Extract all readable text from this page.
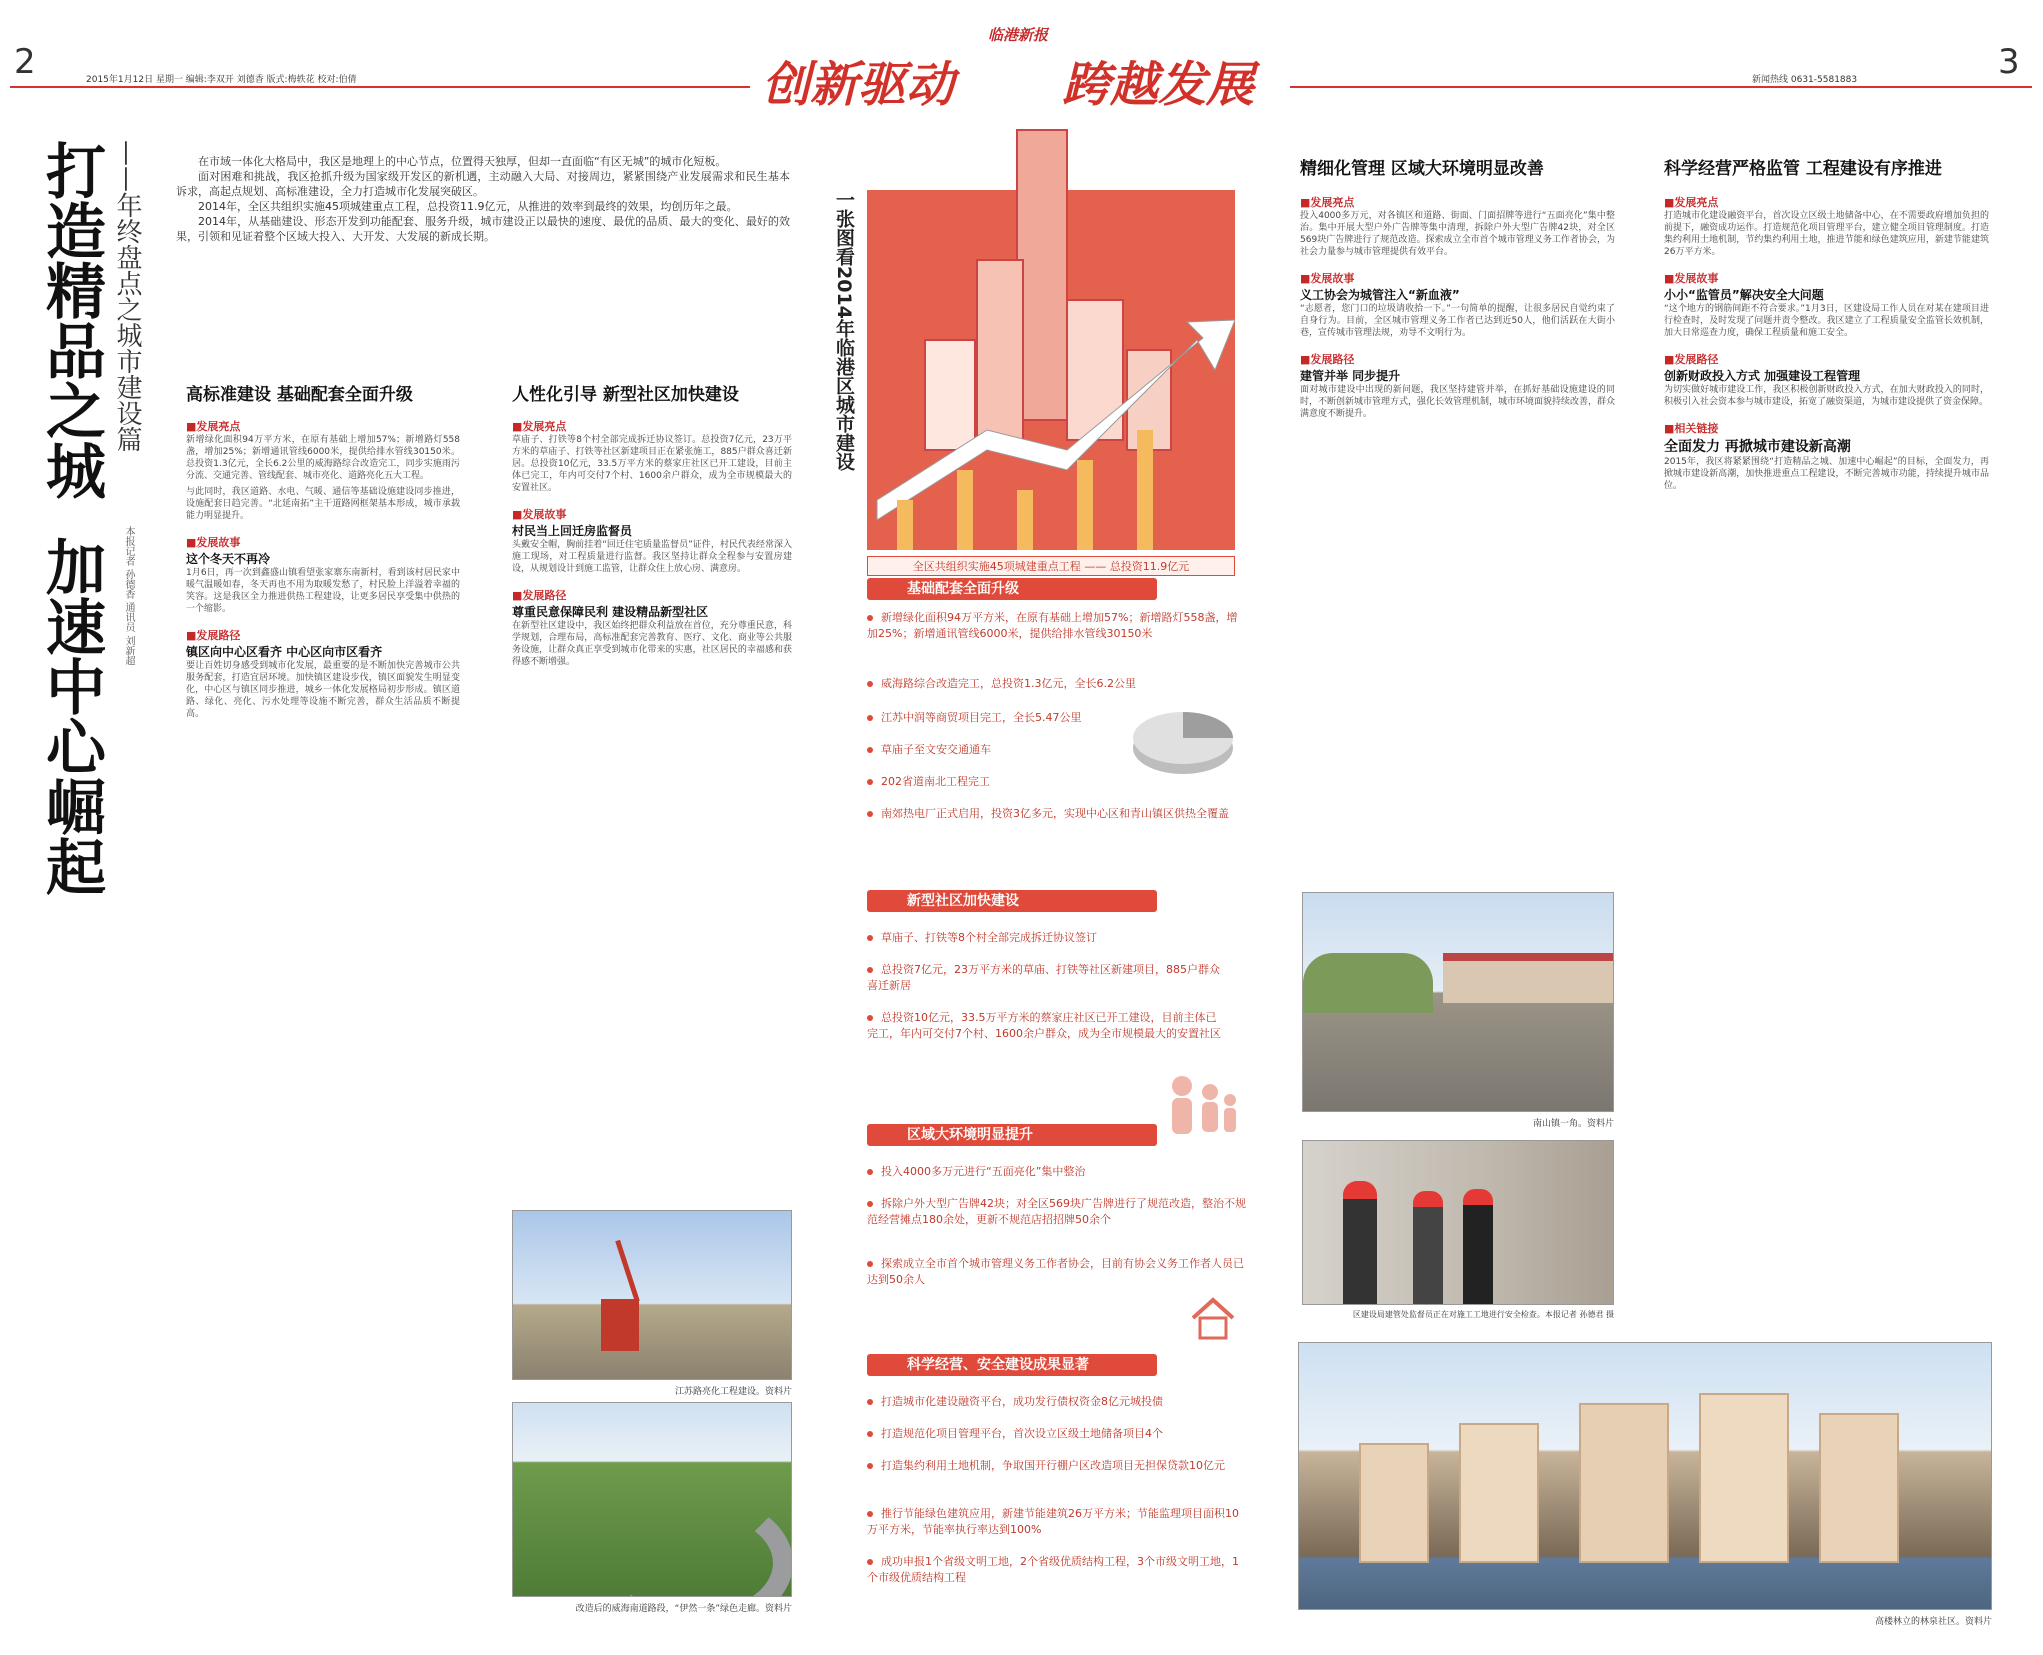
2	2015年1月12日 星期一 编辑:李双开 刘德香 版式:梅轶花 校对:伯倩
临港新报
创新驱动 跨越发展	新闻热线 0631-5581883	3
打造精品之城
加速中心崛起
——年终盘点之城市建设篇
本报记者 孙德香 通讯员 刘新超

在市域一体化大格局中，我区是地理上的中心节点，位置得天独厚，但却一直面临“有区无城”的城市化短板。

面对困难和挑战，我区抢抓升级为国家级开发区的新机遇，主动融入大局、对接周边，紧紧围绕产业发展需求和民生基本诉求，高起点规划、高标准建设，全力打造城市化发展突破区。

2014年，全区共组织实施45项城建重点工程，总投资11.9亿元，从推进的效率到最终的效果，均创历年之最。

2014年，从基础建设、形态开发到功能配套、服务升级，城市建设正以最快的速度、最优的品质、最大的变化、最好的效果，引领和见证着整个区域大投入、大开发、大发展的新成长期。

高标准建设 基础配套全面升级
■发展亮点

新增绿化面积94万平方米，在原有基础上增加57%；新增路灯558盏，增加25%；新增通讯管线6000米，提供给排水管线30150米。总投资1.3亿元，全长6.2公里的威海路综合改造完工，同步实施雨污分流、交通完善、管线配套、城市亮化、道路亮化五大工程。

与此同时，我区道路、水电、气暖、通信等基础设施建设同步推进，设施配套日趋完善。“北延南拓”主干道路网框架基本形成，城市承载能力明显提升。

■发展故事
这个冬天不再冷

1月6日，再一次到鑫盛山镇看望张家寨东南新村，看到该村居民家中暖气温暖如春，冬天再也不用为取暖发愁了，村民脸上洋溢着幸福的笑容。这是我区全力推进供热工程建设，让更多居民享受集中供热的一个缩影。

■发展路径
镇区向中心区看齐 中心区向市区看齐

要让百姓切身感受到城市化发展，最重要的是不断加快完善城市公共服务配套，打造宜居环境。加快镇区建设步伐，镇区面貌发生明显变化，中心区与镇区同步推进，城乡一体化发展格局初步形成。镇区道路、绿化、亮化、污水处理等设施不断完善，群众生活品质不断提高。

人性化引导 新型社区加快建设
■发展亮点

草庙子、打铁等8个村全部完成拆迁协议签订。总投资7亿元，23万平方米的草庙子、打铁等社区新建项目正在紧张施工，885户群众喜迁新居。总投资10亿元，33.5万平方米的蔡家庄社区已开工建设，目前主体已完工，年内可交付7个村、1600余户群众，成为全市规模最大的安置社区。

■发展故事
村民当上回迁房监督员

头戴安全帽，胸前挂着“回迁住宅质量监督员”证件，村民代表经常深入施工现场，对工程质量进行监督。我区坚持让群众全程参与安置房建设，从规划设计到施工监管，让群众住上放心房、满意房。

■发展路径
尊重民意保障民利 建设精品新型社区

在新型社区建设中，我区始终把群众利益放在首位，充分尊重民意，科学规划，合理布局，高标准配套完善教育、医疗、文化、商业等公共服务设施，让群众真正享受到城市化带来的实惠，社区居民的幸福感和获得感不断增强。

江苏路亮化工程建设。资料片
改造后的威海南道路段，“伊然一条”绿色走廊。资料片
一张图看2014年临港区城市建设
全区共组织实施45项城建重点工程 —— 总投资11.9亿元
基础配套全面升级
新增绿化面积94万平方米，在原有基础上增加57%；新增路灯558盏，增加25%；新增通讯管线6000米，提供给排水管线30150米
威海路综合改造完工，总投资1.3亿元，全长6.2公里
江苏中润等商贸项目完工，全长5.47公里
草庙子至文安交通通车
202省道南北工程完工
南郊热电厂正式启用，投资3亿多元，实现中心区和青山镇区供热全覆盖
新型社区加快建设
草庙子、打铁等8个村全部完成拆迁协议签订
总投资7亿元，23万平方米的草庙、打铁等社区新建项目，885户群众喜迁新居
总投资10亿元，33.5万平方米的蔡家庄社区已开工建设，目前主体已完工，年内可交付7个村、1600余户群众，成为全市规模最大的安置社区
区域大环境明显提升
投入4000多万元进行“五面亮化”集中整治
拆除户外大型广告牌42块；对全区569块广告牌进行了规范改造，整治不规范经营摊点180余处，更新不规范店招招牌50余个
探索成立全市首个城市管理义务工作者协会，目前有协会义务工作者人员已达到50余人
科学经营、安全建设成果显著
打造城市化建设融资平台，成功发行债权资金8亿元城投债
打造规范化项目管理平台，首次设立区级土地储备项目4个
打造集约利用土地机制，争取国开行棚户区改造项目无担保贷款10亿元
推行节能绿色建筑应用，新建节能建筑26万平方米；节能监理项目面积10万平方米，节能率执行率达到100%
成功申报1个省级文明工地，2个省级优质结构工程，3个市级文明工地，1个市级优质结构工程
精细化管理 区域大环境明显改善
■发展亮点

投入4000多万元，对各镇区和道路、街面、门面招牌等进行“五面亮化”集中整治。集中开展大型户外广告牌等集中清理，拆除户外大型广告牌42块，对全区569块广告牌进行了规范改造。探索成立全市首个城市管理义务工作者协会，为社会力量参与城市管理提供有效平台。

■发展故事
义工协会为城管注入“新血液”

“志愿者，您门口的垃圾请收拾一下。”一句简单的提醒，让很多居民自觉约束了自身行为。目前，全区城市管理义务工作者已达到近50人，他们活跃在大街小巷，宣传城市管理法规，劝导不文明行为。

■发展路径
建管并举 同步提升

面对城市建设中出现的新问题，我区坚持建管并举，在抓好基础设施建设的同时，不断创新城市管理方式，强化长效管理机制，城市环境面貌持续改善，群众满意度不断提升。

南山镇一角。资料片
区建设局建管处监督员正在对施工工地进行安全检查。本报记者 孙德君 摄
科学经营严格监管 工程建设有序推进
■发展亮点

打造城市化建设融资平台，首次设立区级土地储备中心，在不需要政府增加负担的前提下，融资成功运作。打造规范化项目管理平台，建立健全项目管理制度。打造集约利用土地机制，节约集约利用土地，推进节能和绿色建筑应用，新建节能建筑26万平方米。

■发展故事
小小“监管员”解决安全大问题

“这个地方的钢筋间距不符合要求。”1月3日，区建设局工作人员在对某在建项目进行检查时，及时发现了问题并责令整改。我区建立了工程质量安全监管长效机制，加大日常巡查力度，确保工程质量和施工安全。

■发展路径
创新财政投入方式 加强建设工程管理

为切实做好城市建设工作，我区积极创新财政投入方式，在加大财政投入的同时，积极引入社会资本参与城市建设，拓宽了融资渠道，为城市建设提供了资金保障。

■相关链接
全面发力 再掀城市建设新高潮

2015年，我区将紧紧围绕“打造精品之城、加速中心崛起”的目标，全面发力，再掀城市建设新高潮，加快推进重点工程建设，不断完善城市功能，持续提升城市品位。

高楼林立的林泉社区。资料片
